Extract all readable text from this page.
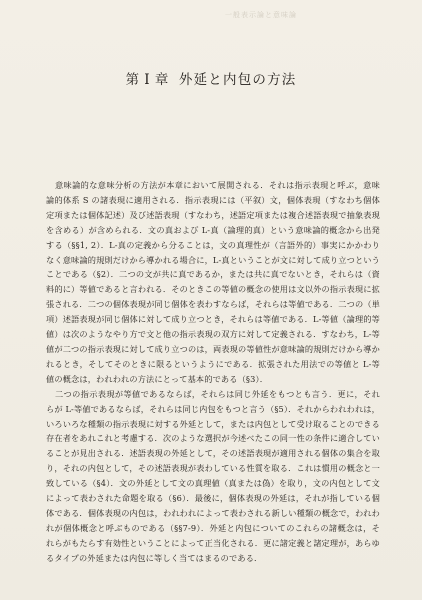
一般表示論と意味論
第 I 章 外延と内包の方法

意味論的な意味分析の方法が本章において展開される．それは指示表現と呼ぶ，意味論的体系 S の諸表現に適用される．指示表現には（平叙）文，個体表現（すなわち個体定項または個体記述）及び述語表現（すなわち，述語定項または複合述語表現で抽象表現を含める）が含められる．文の真および L-真（論理的真）という意味論的概念から出発する（§§1, 2）．L-真の定義から分ることは，文の真理性が（言語外的）事実にかかわりなく意味論的規則だけから導かれる場合に，L-真ということが文に対して成り立つということである（§2）．二つの文が共に真であるか，または共に真でないとき，それらは（資料的に）等値であると言われる．そのときこの等値の概念の使用は文以外の指示表現に拡張される．二つの個体表現が同じ個体を表わすならば，それらは等値である．二つの（単項）述語表現が同じ個体に対して成り立つとき，それらは等値である．L-等値（論理的等値）は次のようなやり方で文と他の指示表現の双方に対して定義される．すなわち，L-等値が二つの指示表現に対して成り立つのは，両表現の等値性が意味論的規則だけから導かれるとき，そしてそのときに限るというようにである．拡張された用法での等値と L-等値の概念は，われわれの方法にとって基本的である（§3）．

二つの指示表現が等値であるならば，それらは同じ外延をもつとも言う．更に，それらが L-等値であるならば，それらは同じ内包をもつと言う（§5）．それからわれわれは，いろいろな種類の指示表現に対する外延として，または内包として受け取ることのできる存在者をあれこれと考慮する．次のような選択が今述べたこの同一性の条件に適合していることが見出される．述語表現の外延として，その述語表現が適用される個体の集合を取り，それの内包として，その述語表現が表わしている性質を取る．これは慣用の概念と一致している（§4）．文の外延として文の真理値（真または偽）を取り，文の内包として文によって表わされた命題を取る（§6）．最後に，個体表現の外延は，それが指している個体である．個体表現の内包は，われわれによって表わされる新しい種類の概念で，われわれが個体概念と呼ぶものである（§§7-9）．外延と内包についてのこれらの諸概念は，それらがもたらす有効性ということによって正当化される．更に諸定義と諸定理が，あらゆるタイプの外延または内包に等しく当てはまるのである．
